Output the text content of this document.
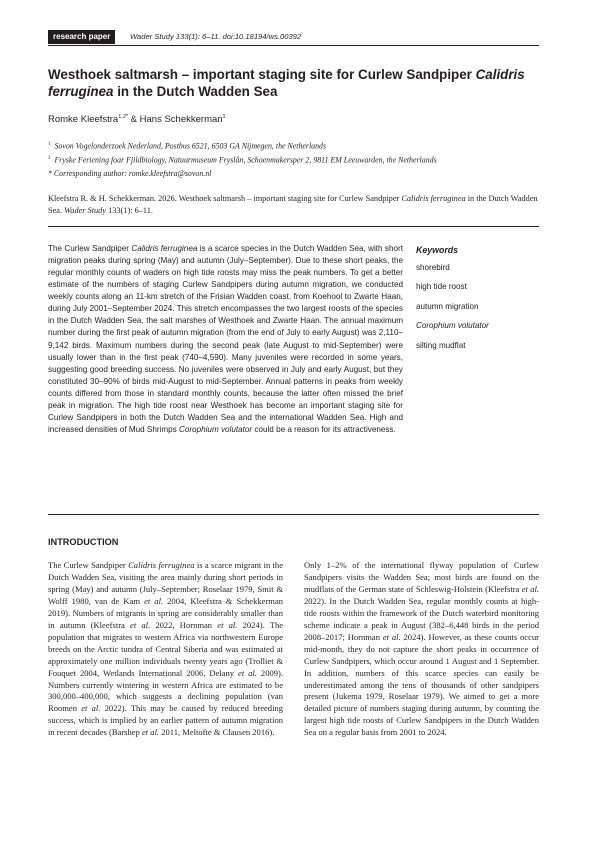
research paper	Wader Study 133(1): 6–11. doi:10.18194/ws.00392
Westhoek saltmarsh – important staging site for Curlew Sandpiper Calidris ferruginea in the Dutch Wadden Sea
Romke Kleefstra$^{1,2*}$ & Hans Schekkerman$^1$
$^1$ Sovon Vogelonderzoek Nederland, Postbus 6521, 6503 GA Nijmegen, the Netherlands
$^2$ Fryske Feriening foar Fjildbiology, Natuurmuseum Fryslân, Schoenmakersper 2, 9811 EM Leeuwarden, the Netherlands
* Corresponding author: romke.kleefstra@sovon.nl
Kleefstra R. & H. Schekkerman. 2026. Westhoek saltmarsh – important staging site for Curlew Sandpiper Calidris ferruginea in the Dutch Wadden Sea. Wader Study 133(1): 6–11.
The Curlew Sandpiper Calidris ferruginea is a scarce species in the Dutch Wadden Sea, with short migration peaks during spring (May) and autumn (July–September). Due to these short peaks, the regular monthly counts of waders on high tide roosts may miss the peak numbers. To get a better estimate of the numbers of staging Curlew Sandpipers during autumn migration, we conducted weekly counts along an 11-km stretch of the Frisian Wadden coast, from Koehool to Zwarte Haan, during July 2001–September 2024. This stretch encompasses the two largest roosts of the species in the Dutch Wadden Sea, the salt marshes of Westhoek and Zwarte Haan. The annual maximum number during the first peak of autumn migration (from the end of July to early August) was 2,110–9,142 birds. Maximum numbers during the second peak (late August to mid-September) were usually lower than in the first peak (740–4,590). Many juveniles were recorded in some years, suggesting good breeding success. No juveniles were observed in July and early August, but they constituted 30–90% of birds mid-August to mid-September. Annual patterns in peaks from weekly counts differed from those in standard monthly counts, because the latter often missed the brief peak in migration. The high tide roost near Westhoek has become an important staging site for Curlew Sandpipers in both the Dutch Wadden Sea and the international Wadden Sea. High and increased densities of Mud Shrimps Corophium volutator could be a reason for its attractiveness.
Keywords
shorebird
high tide roost
autumn migration
Corophium volutator
silting mudflat
INTRODUCTION
The Curlew Sandpiper Calidris ferruginea is a scarce migrant in the Dutch Wadden Sea, visiting the area mainly during short periods in spring (May) and autumn (July–September; Roselaar 1979, Smit & Wolff 1980, van de Kam et al. 2004, Kleefstra & Schekkerman 2019). Numbers of migrants in spring are considerably smaller than in autumn (Kleefstra et al. 2022, Hornman et al. 2024). The population that migrates to western Africa via northwestern Europe breeds on the Arctic tundra of Central Siberia and was estimated at approximately one million individuals twenty years ago (Trolliet & Fouquet 2004, Wetlands International 2006, Delany et al. 2009). Numbers currently wintering in western Africa are estimated to be 300,000–400,000, which suggests a declining population (van Roomen et al. 2022). This may be caused by reduced breeding success, which is implied by an earlier pattern of autumn migration in recent decades (Barshep et al. 2011, Meltofte & Clausen 2016).
Only 1–2% of the international flyway population of Curlew Sandpipers visits the Wadden Sea; most birds are found on the mudflats of the German state of Schleswig-Holstein (Kleefstra et al. 2022). In the Dutch Wadden Sea, regular monthly counts at high-tide roosts within the framework of the Dutch waterbird monitoring scheme indicate a peak in August (382–6,448 birds in the period 2008–2017; Hornman et al. 2024). However, as these counts occur mid-month, they do not capture the short peaks in occurrence of Curlew Sandpipers, which occur around 1 August and 1 September. In addition, numbers of this scarce species can easily be underestimated among the tens of thousands of other sandpipers present (Jukema 1979, Roselaar 1979). We aimed to get a more detailed picture of numbers staging during autumn, by counting the largest high tide roosts of Curlew Sandpipers in the Dutch Wadden Sea on a regular basis from 2001 to 2024.
